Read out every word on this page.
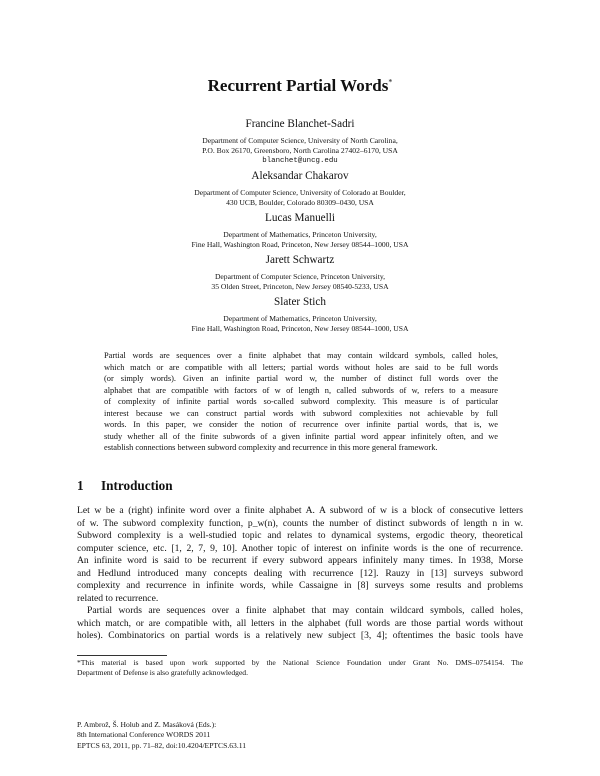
Recurrent Partial Words*
Francine Blanchet-Sadri
Department of Computer Science, University of North Carolina,
P.O. Box 26170, Greensboro, North Carolina 27402–6170, USA
blanchet@uncg.edu
Aleksandar Chakarov
Department of Computer Science, University of Colorado at Boulder,
430 UCB, Boulder, Colorado 80309–0430, USA
Lucas Manuelli
Department of Mathematics, Princeton University,
Fine Hall, Washington Road, Princeton, New Jersey 08544–1000, USA
Jarett Schwartz
Department of Computer Science, Princeton University,
35 Olden Street, Princeton, New Jersey 08540-5233, USA
Slater Stich
Department of Mathematics, Princeton University,
Fine Hall, Washington Road, Princeton, New Jersey 08544–1000, USA
Partial words are sequences over a finite alphabet that may contain wildcard symbols, called holes,
which match or are compatible with all letters; partial words without holes are said to be full words
(or simply words). Given an infinite partial word w, the number of distinct full words over the
alphabet that are compatible with factors of w of length n, called subwords of w, refers to a measure
of complexity of infinite partial words so-called subword complexity. This measure is of particular
interest because we can construct partial words with subword complexities not achievable by full
words. In this paper, we consider the notion of recurrence over infinite partial words, that is, we
study whether all of the finite subwords of a given infinite partial word appear infinitely often, and we
establish connections between subword complexity and recurrence in this more general framework.
1 Introduction
Let w be a (right) infinite word over a finite alphabet A. A subword of w is a block of consecutive letters
of w. The subword complexity function, p_w(n), counts the number of distinct subwords of length n in w.
Subword complexity is a well-studied topic and relates to dynamical systems, ergodic theory, theoretical
computer science, etc. [1, 2, 7, 9, 10]. Another topic of interest on infinite words is the one of recurrence.
An infinite word is said to be recurrent if every subword appears infinitely many times. In 1938, Morse
and Hedlund introduced many concepts dealing with recurrence [12]. Rauzy in [13] surveys subword
complexity and recurrence in infinite words, while Cassaigne in [8] surveys some results and problems
related to recurrence.
Partial words are sequences over a finite alphabet that may contain wildcard symbols, called holes,
which match, or are compatible with, all letters in the alphabet (full words are those partial words without
holes). Combinatorics on partial words is a relatively new subject [3, 4]; oftentimes the basic tools have
*This material is based upon work supported by the National Science Foundation under Grant No. DMS–0754154. The
Department of Defense is also gratefully acknowledged.
P. Ambrož, Š. Holub and Z. Masáková (Eds.):
8th International Conference WORDS 2011
EPTCS 63, 2011, pp. 71–82, doi:10.4204/EPTCS.63.11
